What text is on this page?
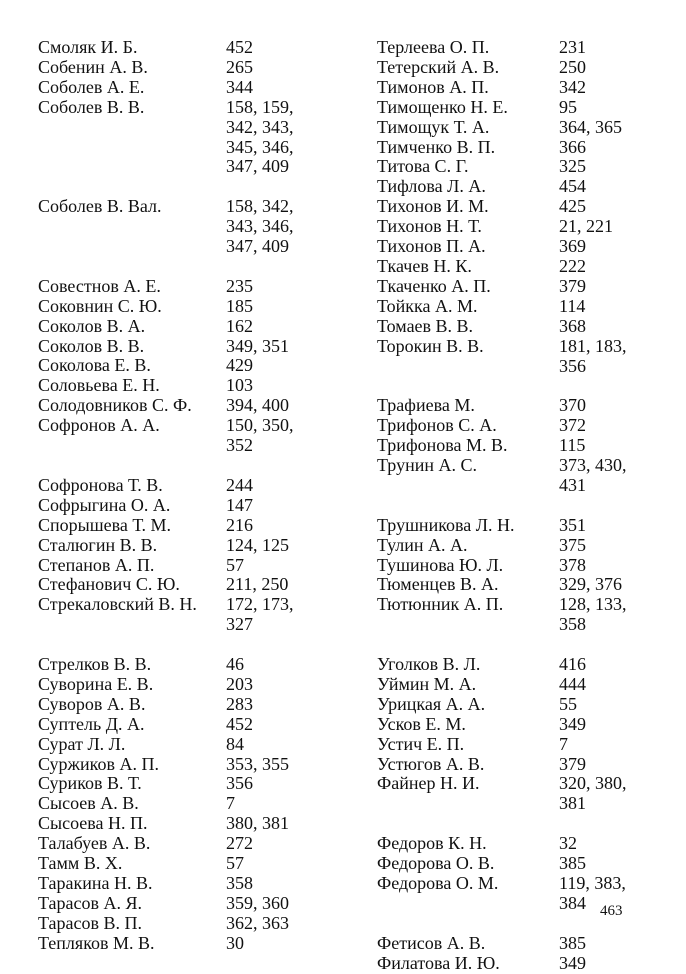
Смоляк И. Б.	452
Собенин А. В.	265
Соболев А. Е.	344
Соболев В. В.	158, 159,
342, 343,
345, 346,
347, 409
Соболев В. Вал.	158, 342,
343, 346,
347, 409
Совестнов А. Е.	235
Соковнин С. Ю.	185
Соколов В. А.	162
Соколов В. В.	349, 351
Соколова Е. В.	429
Соловьева Е. Н.	103
Солодовников С. Ф.	394, 400
Софронов А. А.	150, 350,
352
Софронова Т. В.	244
Софрыгина О. А.	147
Спорышева Т. М.	216
Сталюгин В. В.	124, 125
Степанов А. П.	57
Стефанович С. Ю.	211, 250
Стрекаловский В. Н.	172, 173,
327
Стрелков В. В.	46
Суворина Е. В.	203
Суворов А. В.	283
Суптель Д. А.	452
Сурат Л. Л.	84
Суржиков А. П.	353, 355
Суриков В. Т.	356
Сысоев А. В.	7
Сысоева Н. П.	380, 381
Талабуев А. В.	272
Тамм В. Х.	57
Таракина Н. В.	358
Тарасов А. Я.	359, 360
Тарасов В. П.	362, 363
Тепляков М. В.	30
Терлеева О. П.	231
Тетерский А. В.	250
Тимонов А. П.	342
Тимощенко Н. Е.	95
Тимощук Т. А.	364, 365
Тимченко В. П.	366
Титова С. Г.	325
Тифлова Л. А.	454
Тихонов И. М.	425
Тихонов Н. Т.	21, 221
Тихонов П. А.	369
Ткачев Н. К.	222
Ткаченко А. П.	379
Тойкка А. М.	114
Томаев В. В.	368
Торокин В. В.	181, 183,
356
Трафиева М.	370
Трифонов С. А.	372
Трифонова М. В.	115
Трунин А. С.	373, 430,
431
Трушникова Л. Н.	351
Тулин А. А.	375
Тушинова Ю. Л.	378
Тюменцев В. А.	329, 376
Тютюнник А. П.	128, 133,
358
Уголков В. Л.	416
Уймин М. А.	444
Урицкая А. А.	55
Усков Е. М.	349
Устич Е. П.	7
Устюгов А. В.	379
Файнер Н. И.	320, 380,
381
Федоров К. Н.	32
Федорова О. В.	385
Федорова О. М.	119, 383,
384
Фетисов А. В.	385
Филатова И. Ю.	349
463
